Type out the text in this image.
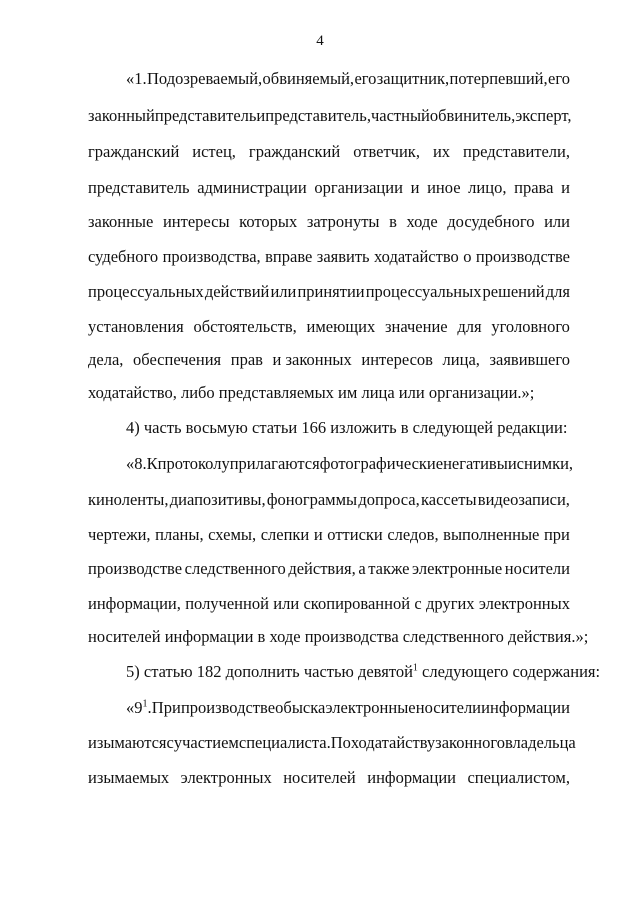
4
«1. Подозреваемый, обвиняемый, его защитник, потерпевший, его
законный представитель и представитель, частный обвинитель, эксперт,
гражданский истец, гражданский ответчик, их представители,
представитель администрации организации и иное лицо, права и
законные интересы которых затронуты в ходе досудебного или
судебного производства, вправе заявить ходатайство о производстве
процессуальных действий или принятии процессуальных решений для
установления обстоятельств, имеющих значение для уголовного
дела, обеспечения прав и законных интересов лица, заявившего
ходатайство, либо представляемых им лица или организации.»;
4) часть восьмую статьи 166 изложить в следующей редакции:
«8. К протоколу прилагаются фотографические негативы и снимки,
киноленты, диапозитивы, фонограммы допроса, кассеты видеозаписи,
чертежи, планы, схемы, слепки и оттиски следов, выполненные при
производстве следственного действия, а также электронные носители
информации, полученной или скопированной с других электронных
носителей информации в ходе производства следственного действия.»;
5) статью 182 дополнить частью девятой$^1$ следующего содержания:
«$9^1$. При производстве обыска электронные носители информации
изымаются с участием специалиста. По ходатайству законного владельца
изымаемых электронных носителей информации специалистом,
